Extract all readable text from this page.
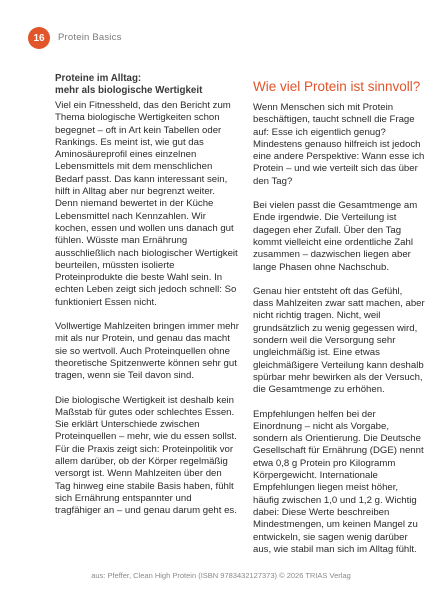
16 Protein Basics
Proteine im Alltag:
mehr als biologische Wertigkeit

Viel ein Fitnessheld, das den Bericht zum Thema biologische Wertigkeiten schon begegnet – oft in Art kein Tabellen oder Rankings. Es meint ist, wie gut das Aminosäureprofil eines einzelnen Lebensmittels mit dem menschlichen Bedarf passt. Das kann interessant sein, hilft in Alltag aber nur begrenzt weiter. Denn niemand bewertet in der Küche Lebensmittel nach Kennzahlen. Wir kochen, essen und wollen uns danach gut fühlen. Wüsste man Ernährung ausschließlich nach biologischer Wertigkeit beurteilen, müssten isolierte Proteinprodukte die beste Wahl sein. In echten Leben zeigt sich jedoch schnell: So funktioniert Essen nicht.

Vollwertige Mahlzeiten bringen immer mehr mit als nur Protein, und genau das macht sie so wertvoll. Auch Proteinquellen ohne theoretische Spitzenwerte können sehr gut tragen, wenn sie Teil davon sind.

Die biologische Wertigkeit ist deshalb kein Maßstab für gutes oder schlechtes Essen. Sie erklärt Unterschiede zwischen Proteinquellen – mehr, wie du essen sollst. Für die Praxis zeigt sich: Proteinpolitik vor allem darüber, ob der Körper regelmäßig versorgt ist. Wenn Mahlzeiten über den Tag hinweg eine stabile Basis haben, fühlt sich Ernährung entspannter und tragfähiger an – und genau darum geht es.

Wie viel Protein ist sinnvoll?

Wenn Menschen sich mit Protein beschäftigen, taucht schnell die Frage auf: Esse ich eigentlich genug? Mindestens genauso hilfreich ist jedoch eine andere Perspektive: Wann esse ich Protein – und wie verteilt sich das über den Tag?

Bei vielen passt die Gesamtmenge am Ende irgendwie. Die Verteilung ist dagegen eher Zufall. Über den Tag kommt vielleicht eine ordentliche Zahl zusammen – dazwischen liegen aber lange Phasen ohne Nachschub.

Genau hier entsteht oft das Gefühl, dass Mahlzeiten zwar satt machen, aber nicht richtig tragen. Nicht, weil grundsätzlich zu wenig gegessen wird, sondern weil die Versorgung sehr ungleichmäßig ist. Eine etwas gleichmäßigere Verteilung kann deshalb spürbar mehr bewirken als der Versuch, die Gesamtmenge zu erhöhen.

Empfehlungen helfen bei der Einordnung – nicht als Vorgabe, sondern als Orientierung. Die Deutsche Gesellschaft für Ernährung (DGE) nennt etwa 0,8 g Protein pro Kilogramm Körpergewicht. Internationale Empfehlungen liegen meist höher, häufig zwischen 1,0 und 1,2 g. Wichtig dabei: Diese Werte beschreiben Mindestmengen, um keinen Mangel zu entwickeln, sie sagen wenig darüber aus, wie stabil man sich im Alltag fühlt.

aus: Pfeffer, Clean High Protein (ISBN 9783432127373) © 2026 TRIAS Verlag
